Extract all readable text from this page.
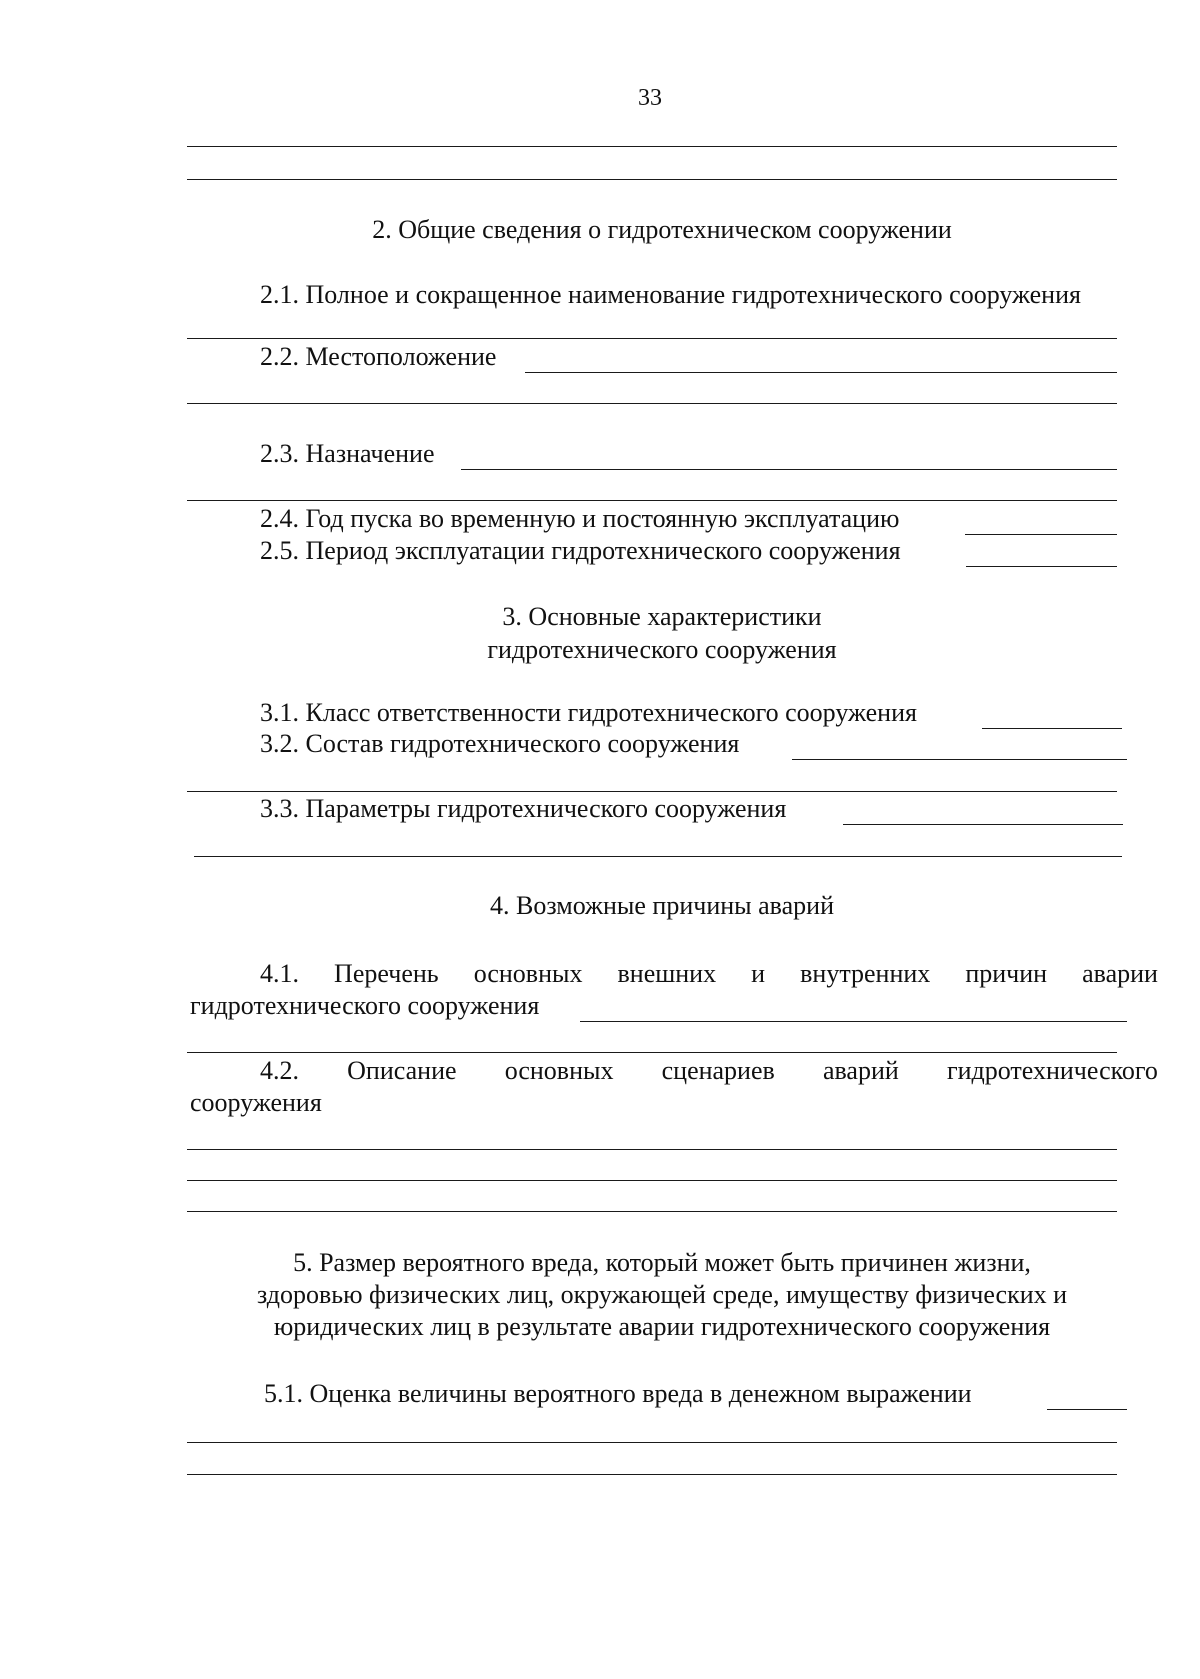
33
2. Общие сведения о гидротехническом сооружении
2.1. Полное и сокращенное наименование гидротехнического сооружения
2.2. Местоположение
2.3. Назначение
2.4. Год пуска во временную и постоянную эксплуатацию
2.5. Период эксплуатации гидротехнического сооружения
3. Основные характеристики
гидротехнического сооружения
3.1. Класс ответственности гидротехнического сооружения
3.2. Состав гидротехнического сооружения
3.3. Параметры гидротехнического сооружения
4. Возможные причины аварий
4.1. Перечень основных внешних и внутренних причин аварии
гидротехнического сооружения
4.2. Описание основных сценариев аварий гидротехнического
сооружения
5. Размер вероятного вреда, который может быть причинен жизни,
здоровью физических лиц, окружающей среде, имуществу физических и
юридических лиц в результате аварии гидротехнического сооружения
5.1. Оценка величины вероятного вреда в денежном выражении
